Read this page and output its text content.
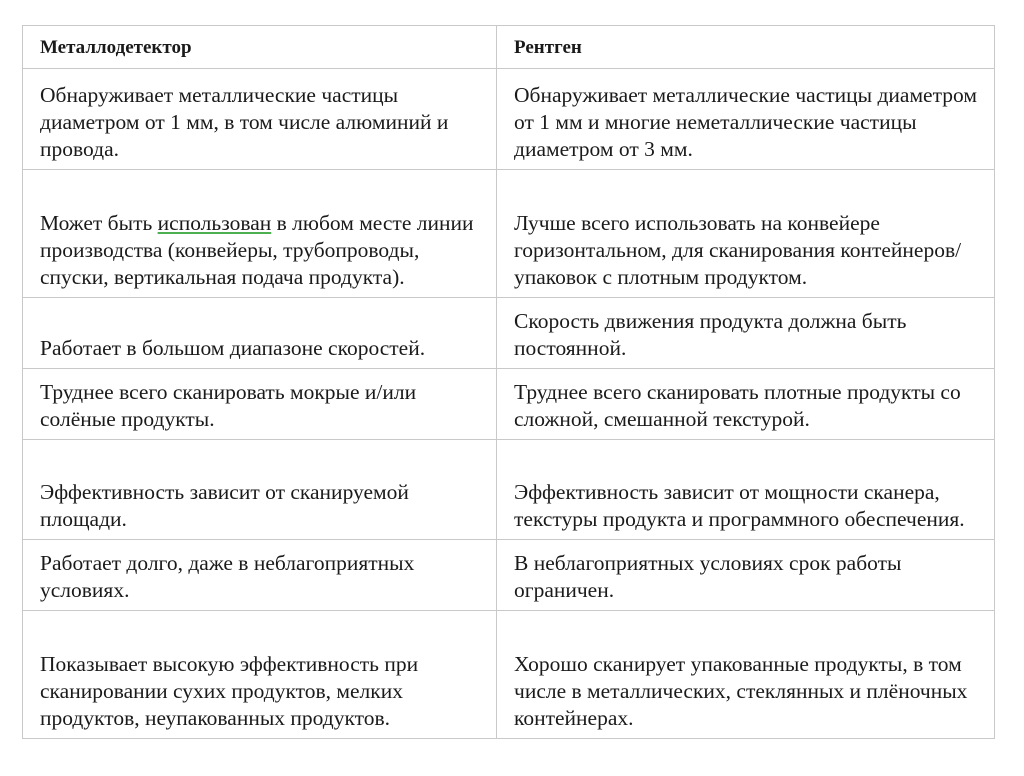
Металлодетектор	Рентген
Обнаруживает металлические частицы диаметром от 1 мм, в том числе алюминий и провода.	Обнаруживает металлические частицы диаметром от 1 мм и многие неметаллические частицы диаметром от 3 мм.
Может быть использован в любом месте линии производства (конвейеры, трубопроводы, спуски, вертикальная подача продукта).	Лучше всего использовать на конвейере горизонтальном, для сканирования контейнеров/упаковок с плотным продуктом.
Работает в большом диапазоне скоростей.	Скорость движения продукта должна быть постоянной.
Труднее всего сканировать мокрые и/или солёные продукты.	Труднее всего сканировать плотные продукты со сложной, смешанной текстурой.
Эффективность зависит от сканируемой площади.	Эффективность зависит от мощности сканера, текстуры продукта и программного обеспечения.
Работает долго, даже в неблагоприятных условиях.	В неблагоприятных условиях срок работы ограничен.
Показывает высокую эффективность при сканировании сухих продуктов, мелких продуктов, неупакованных продуктов.	Хорошо сканирует упакованные продукты, в том числе в металлических, стеклянных и плёночных контейнерах.
